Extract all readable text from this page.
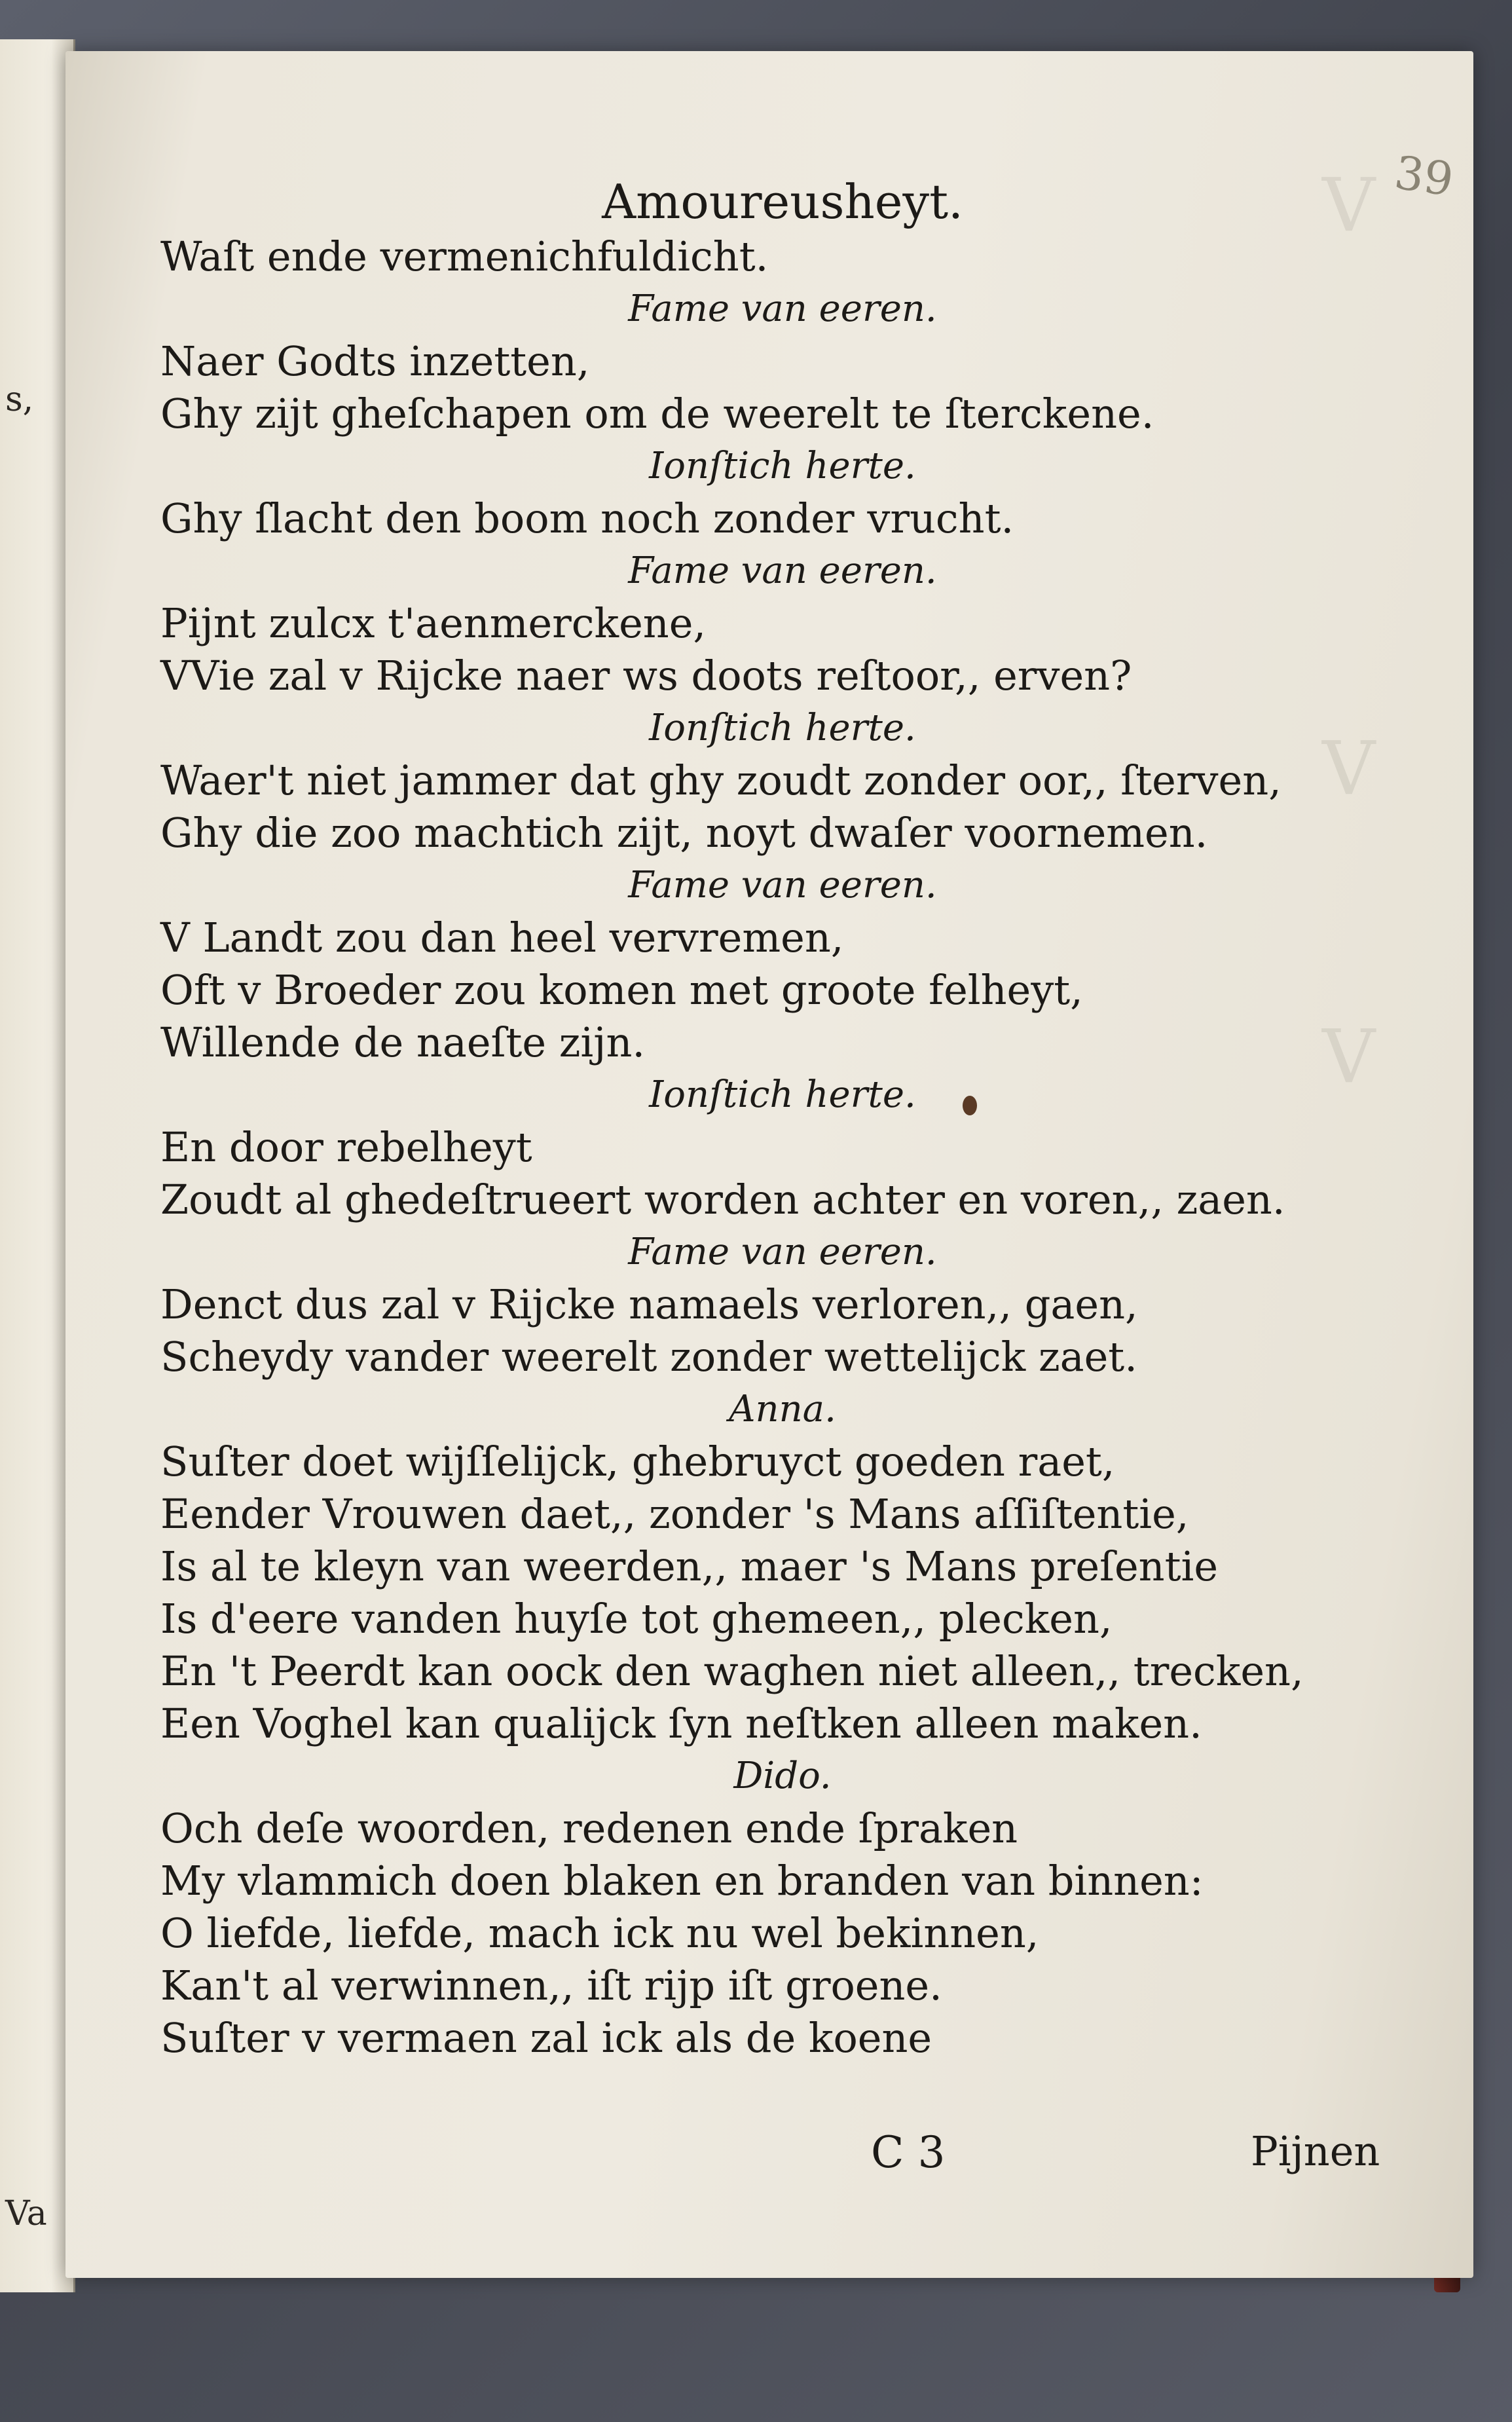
s,
Va
V
V
V
39
Amoureusheyt.
Waſt ende vermenichfuldicht.
Fame van eeren.
Naer Godts inzetten,
Ghy zijt gheſchapen om de weerelt te ſterckene.
Ionſtich herte.
Ghy ſlacht den boom noch zonder vrucht.
Fame van eeren.
Pijnt zulcx t'aenmerckene,
VVie zal v Rijcke naer ws doots reſtoor,, erven?
Ionſtich herte.
Waer't niet jammer dat ghy zoudt zonder oor,, ſterven,
Ghy die zoo machtich zijt, noyt dwaſer voornemen.
Fame van eeren.
V Landt zou dan heel vervremen,
Oft v Broeder zou komen met groote felheyt,
Willende de naeſte zijn.
Ionſtich herte.
En door rebelheyt
Zoudt al ghedeſtrueert worden achter en voren,, zaen.
Fame van eeren.
Denct dus zal v Rijcke namaels verloren,, gaen,
Scheydy vander weerelt zonder wettelijck zaet.
Anna.
Suſter doet wijſſelijck, ghebruyct goeden raet,
Eender Vrouwen daet,, zonder 's Mans aſſiſtentie,
Is al te kleyn van weerden,, maer 's Mans preſentie
Is d'eere vanden huyſe tot ghemeen,, plecken,
En 't Peerdt kan oock den waghen niet alleen,, trecken,
Een Voghel kan qualijck ſyn neſtken alleen maken.
Dido.
Och deſe woorden, redenen ende ſpraken
My vlammich doen blaken en branden van binnen:
O liefde, liefde, mach ick nu wel bekinnen,
Kan't al verwinnen,, iſt rijp iſt groene.
Suſter v vermaen zal ick als de koene
C 3	Pijnen
